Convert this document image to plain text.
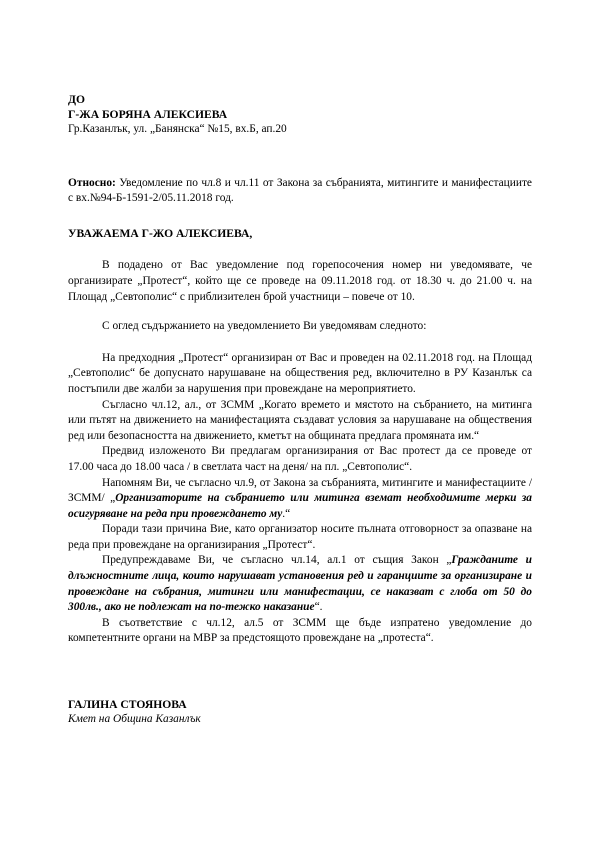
ДО
Г-ЖА БОРЯНА АЛЕКСИЕВА
Гр.Казанлък, ул. „Банянска“ №15, вх.Б, ап.20
Относно: Уведомление по чл.8 и чл.11 от Закона за събранията, митингите и манифестациите с вх.№94-Б-1591-2/05.11.2018 год.
УВАЖАЕМА Г-ЖО АЛЕКСИЕВА,

В подадено от Вас уведомление под горепосочения номер ни уведомявате, че организирате „Протест“, който ще се проведе на 09.11.2018 год. от 18.30 ч. до 21.00 ч. на Площад „Севтополис“ с приблизителен брой участници – повече от 10.

С оглед съдържанието на уведомлението Ви уведомявам следното:

На предходния „Протест“ организиран от Вас и проведен на 02.11.2018 год. на Площад „Севтополис“ бе допуснато нарушаване на обществения ред, включително в РУ Казанлък са постъпили две жалби за нарушения при провеждане на мероприятието.

Съгласно чл.12, ал., от ЗСММ „Когато времето и мястото на събранието, на митинга или пътят на движението на манифестацията създават условия за нарушаване на обществения ред или безопасността на движението, кметът на общината предлага промяната им.“

Предвид изложеното Ви предлагам организирания от Вас протест да се проведе от 17.00 часа до 18.00 часа / в светлата част на деня/ на пл. „Севтополис“.

Напомням Ви, че съгласно чл.9, от Закона за събранията, митингите и манифестациите /ЗСММ/ „Организаторите на събранието или митинга вземат необходимите мерки за осигуряване на реда при провеждането му.“

Поради тази причина Вие, като организатор носите пълната отговорност за опазване на реда при провеждане на организирания „Протест“.

Предупреждаваме Ви, че съгласно чл.14, ал.1 от същия Закон „Гражданите и длъжностните лица, които нарушават установения ред и гаранциите за организиране и провеждане на събрания, митинги или манифестации, се наказват с глоба от 50 до 300лв., ако не подлежат на по-тежко наказание“.

В съответствие с чл.12, ал.5 от ЗСММ ще бъде изпратено уведомление до компетентните органи на МВР за предстоящото провеждане на „протеста“.

ГАЛИНА СТОЯНОВА
Кмет на Община Казанлък
